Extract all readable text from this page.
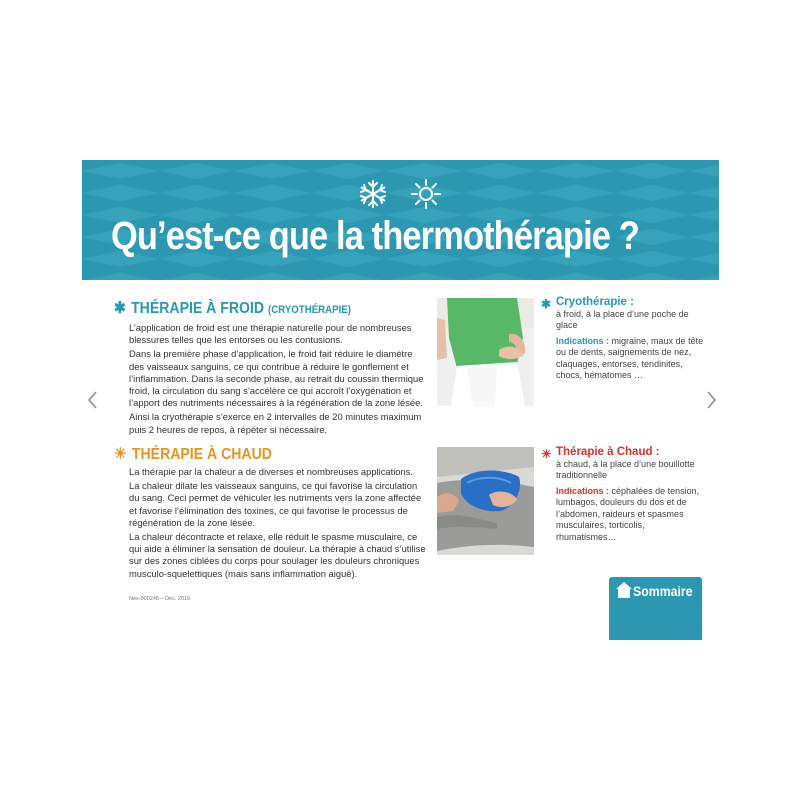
Qu’est-ce que la thermothérapie ?
✱ THÉRAPIE À FROID (CRYOTHÉRAPIE)

L’application de froid est une thérapie naturelle pour de nombreuses blessures telles que les entorses ou les contusions.

Dans la première phase d’application, le froid fait réduire le diamètre des vaisseaux sanguins, ce qui contribue à réduire le gonflement et l’inflammation. Dans la seconde phase, au retrait du coussin thermique froid, la circulation du sang s’accélère ce qui accroît l’oxygénation et l’apport des nutriments nécessaires à la régénération de la zone lésée.

Ainsi la cryothérapie s’exerce en 2 intervalles de 20 minutes maximum puis 2 heures de repos, à répéter si nécessaire.

✱ Cryothérapie :
à froid, à la place d’une poche de glace
Indications : migraine, maux de tête ou de dents, saignements de nez, claquages, entorses, tendinites, chocs, hématomes …
☀ THÉRAPIE À CHAUD

La thérapie par la chaleur a de diverses et nombreuses applications.

La chaleur dilate les vaisseaux sanguins, ce qui favorise la circulation du sang. Ceci permet de véhiculer les nutriments vers la zone affectée et favorise l’élimination des toxines, ce qui favorise le processus de régénération de la zone lésée.

La chaleur décontracte et relaxe, elle réduit le spasme musculaire, ce qui aide à éliminer la sensation de douleur. La thérapie à chaud s’utilise sur des zones ciblées du corps pour soulager les douleurs chroniques musculo-squelettiques (mais sans inflammation aiguë).

☀ Thérapie à Chaud :
à chaud, à la place d’une bouillotte traditionnelle
Indications : céphalées de tension, lumbagos, douleurs du dos et de l’abdomen, raideurs et spasmes musculaires, torticolis, rhumatismes…
Nex-000245 – Déc. 2016	Sommaire
